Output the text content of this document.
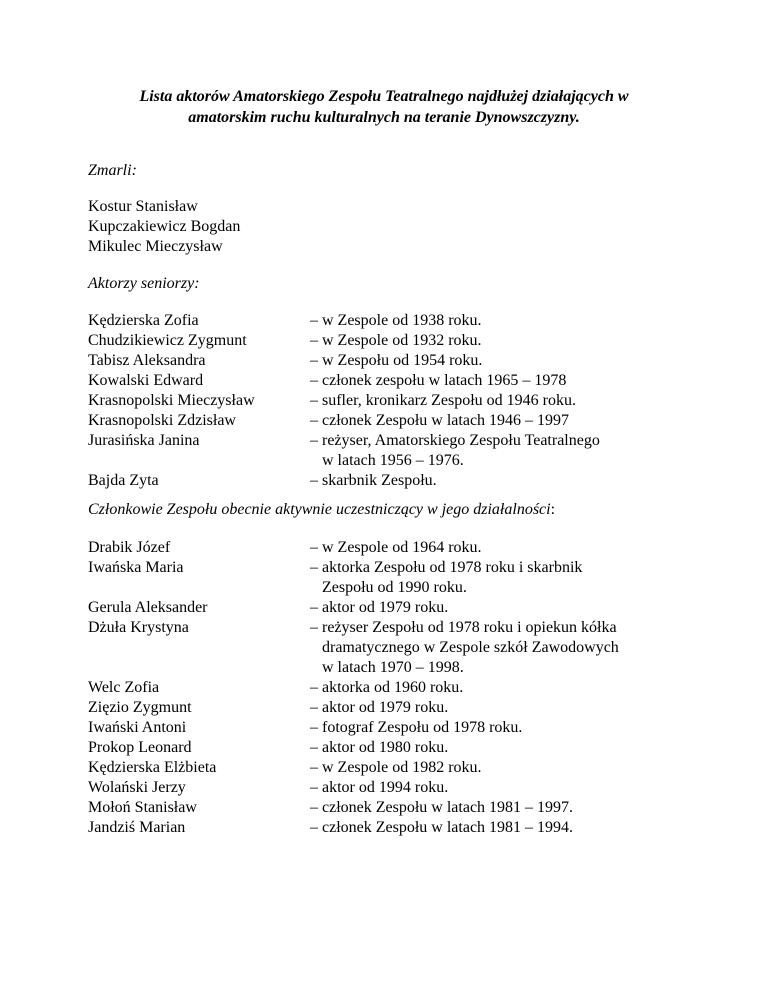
Lista aktorów Amatorskiego Zespołu Teatralnego najdłużej działających w
amatorskim ruchu kulturalnych na teranie Dynowszczyzny.
Zmarli:
Kostur Stanisław
Kupczakiewicz Bogdan
Mikulec Mieczysław
Aktorzy seniorzy:
Kędzierska Zofia	– w Zespole od 1938 roku.
Chudzikiewicz Zygmunt	– w Zespole od 1932 roku.
Tabisz Aleksandra	– w Zespołu od 1954 roku.
Kowalski Edward	– członek zespołu w latach 1965 – 1978
Krasnopolski Mieczysław	– sufler, kronikarz Zespołu od 1946 roku.
Krasnopolski Zdzisław	– członek Zespołu w latach 1946 – 1997
Jurasińska Janina	– reżyser, Amatorskiego Zespołu Teatralnego
w latach 1956 – 1976.
Bajda Zyta	– skarbnik Zespołu.
Członkowie Zespołu obecnie aktywnie uczestniczący w jego działalności:
Drabik Józef	– w Zespole od 1964 roku.
Iwańska Maria	– aktorka Zespołu od 1978 roku i skarbnik
Zespołu od 1990 roku.
Gerula Aleksander	– aktor od 1979 roku.
Dżuła Krystyna	– reżyser Zespołu od 1978 roku i opiekun kółka
dramatycznego w Zespole szkół Zawodowych
w latach 1970 – 1998.
Welc Zofia	– aktorka od 1960 roku.
Zięzio Zygmunt	– aktor od 1979 roku.
Iwański Antoni	– fotograf Zespołu od 1978 roku.
Prokop Leonard	– aktor od 1980 roku.
Kędzierska Elżbieta	– w Zespole od 1982 roku.
Wolański Jerzy	– aktor od 1994 roku.
Mołoń Stanisław	– członek Zespołu w latach 1981 – 1997.
Jandziś Marian	– członek Zespołu w latach 1981 – 1994.
